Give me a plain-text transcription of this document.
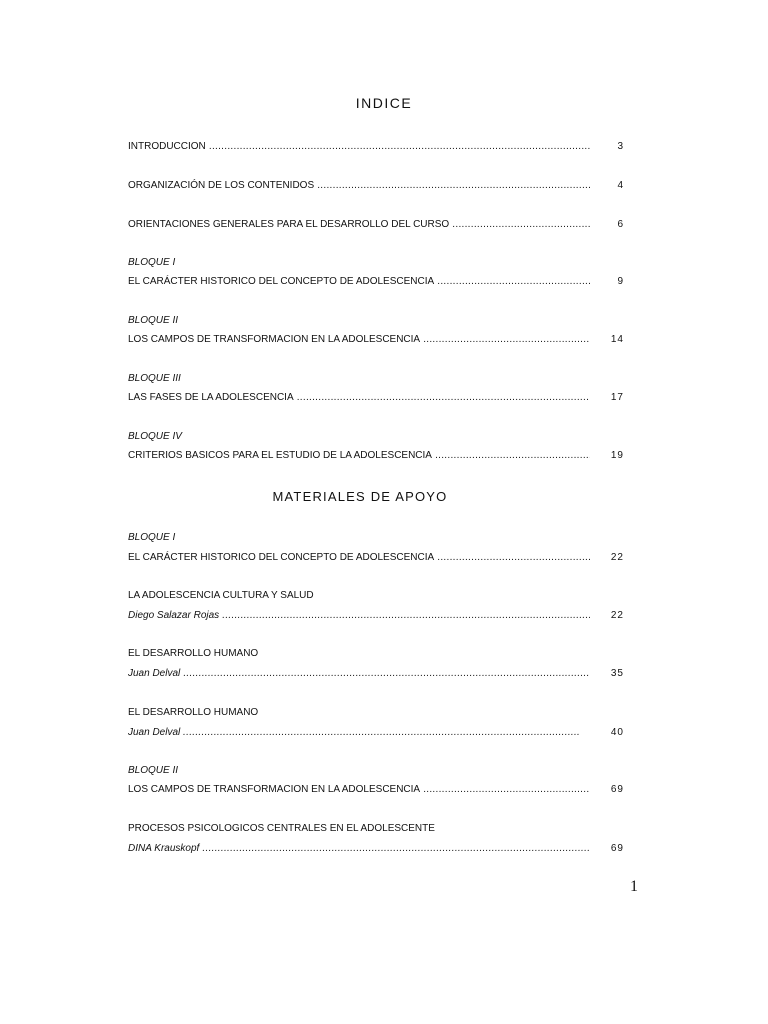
INDICE
INTRODUCCION .....	3
ORGANIZACIÓN DE LOS CONTENIDOS .....	4
ORIENTACIONES GENERALES PARA EL DESARROLLO DEL CURSO .....	6
BLOQUE I
EL CARÁCTER HISTORICO DEL CONCEPTO DE ADOLESCENCIA .....	9
BLOQUE II
LOS CAMPOS DE TRANSFORMACION EN LA ADOLESCENCIA .....	14
BLOQUE III
LAS FASES DE LA ADOLESCENCIA .....	17
BLOQUE IV
CRITERIOS BASICOS PARA EL ESTUDIO DE LA ADOLESCENCIA .....	19
MATERIALES DE APOYO
BLOQUE I
EL CARÁCTER HISTORICO DEL CONCEPTO DE ADOLESCENCIA .....	22
LA ADOLESCENCIA CULTURA Y SALUD
Diego Salazar Rojas .....	22
EL DESARROLLO HUMANO
Juan Delval .....	35
EL DESARROLLO HUMANO
Juan Delval .....	40
BLOQUE II
LOS CAMPOS DE TRANSFORMACION EN LA ADOLESCENCIA .....	69
PROCESOS PSICOLOGICOS CENTRALES EN EL ADOLESCENTE
DINA Krauskopf .....	69
1
